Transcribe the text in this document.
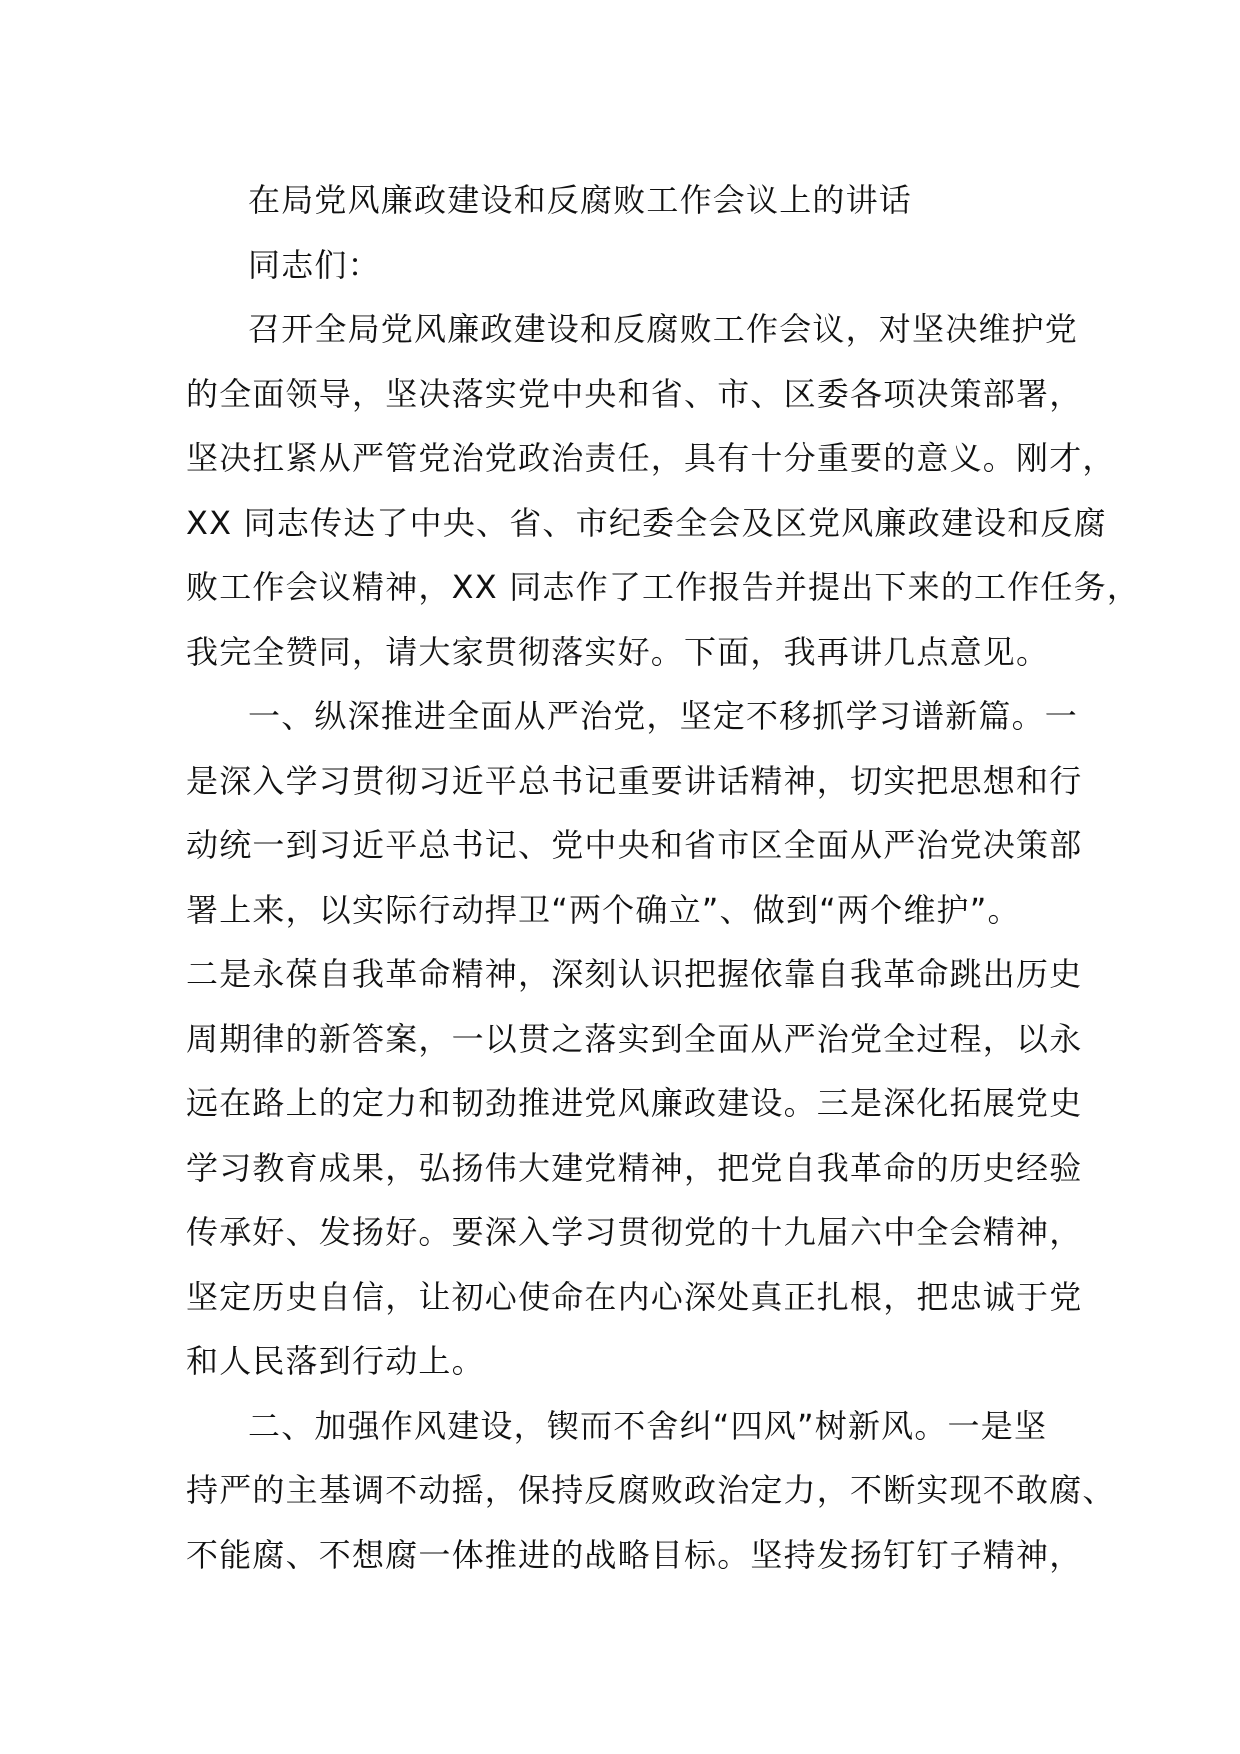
在局党风廉政建设和反腐败工作会议上的讲话
同志们：
召开全局党风廉政建设和反腐败工作会议，对坚决维护党
的全面领导，坚决落实党中央和省、市、区委各项决策部署，
坚决扛紧从严管党治党政治责任，具有十分重要的意义。刚才，
XX 同志传达了中央、省、市纪委全会及区党风廉政建设和反腐
败工作会议精神，XX 同志作了工作报告并提出下来的工作任务，
我完全赞同，请大家贯彻落实好。下面，我再讲几点意见。
一、纵深推进全面从严治党，坚定不移抓学习谱新篇。一
是深入学习贯彻习近平总书记重要讲话精神，切实把思想和行
动统一到习近平总书记、党中央和省市区全面从严治党决策部
署上来，以实际行动捍卫“两个确立”、做到“两个维护”。
二是永葆自我革命精神，深刻认识把握依靠自我革命跳出历史
周期律的新答案，一以贯之落实到全面从严治党全过程，以永
远在路上的定力和韧劲推进党风廉政建设。三是深化拓展党史
学习教育成果，弘扬伟大建党精神，把党自我革命的历史经验
传承好、发扬好。要深入学习贯彻党的十九届六中全会精神，
坚定历史自信，让初心使命在内心深处真正扎根，把忠诚于党
和人民落到行动上。
二、加强作风建设，锲而不舍纠“四风”树新风。一是坚
持严的主基调不动摇，保持反腐败政治定力，不断实现不敢腐、
不能腐、不想腐一体推进的战略目标。坚持发扬钉钉子精神，
